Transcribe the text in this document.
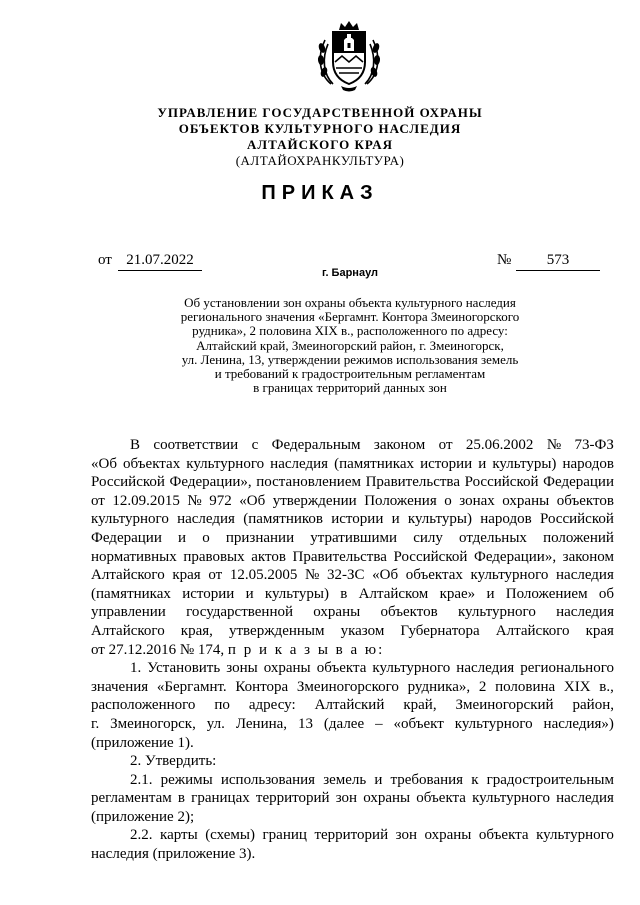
УПРАВЛЕНИЕ ГОСУДАРСТВЕННОЙ ОХРАНЫ
ОБЪЕКТОВ КУЛЬТУРНОГО НАСЛЕДИЯ
АЛТАЙСКОГО КРАЯ
(АЛТАЙОХРАНКУЛЬТУРА)
ПРИКАЗ
от 21.07.2022	№	573
г. Барнаул
Об установлении зон охраны объекта культурного наследия
регионального значения «Бергамнт. Контора Змеиногорского
рудника», 2 половина XIX в., расположенного по адресу:
Алтайский край, Змеиногорский район, г. Змеиногорск,
ул. Ленина, 13, утверждении режимов использования земель
и требований к градостроительным регламентам
в границах территорий данных зон
В соответствии с Федеральным законом от 25.06.2002 № 73-ФЗ
«Об объектах культурного наследия (памятниках истории и культуры) народов
Российской Федерации», постановлением Правительства Российской Федерации
от 12.09.2015 № 972 «Об утверждении Положения о зонах охраны объектов
культурного наследия (памятников истории и культуры) народов Российской
Федерации и о признании утратившими силу отдельных положений
нормативных правовых актов Правительства Российской Федерации», законом
Алтайского края от 12.05.2005 № 32-ЗС «Об объектах культурного наследия
(памятниках истории и культуры) в Алтайском крае» и Положением об
управлении государственной охраны объектов культурного наследия
Алтайского края, утвержденным указом Губернатора Алтайского края
от 27.12.2016 № 174,
п р и к а з ы в а ю:
1. Установить зоны охраны объекта культурного наследия регионального
значения «Бергамнт. Контора Змеиногорского рудника», 2 половина XIX в.,
расположенного по адресу: Алтайский край, Змеиногорский район,
г. Змеиногорск, ул. Ленина, 13 (далее – «объект культурного наследия»)
(приложение 1).
2. Утвердить:
2.1. режимы использования земель и требования к градостроительным
регламентам в границах территорий зон охраны объекта культурного наследия
(приложение 2);
2.2. карты (схемы) границ территорий зон охраны объекта культурного
наследия (приложение 3).
